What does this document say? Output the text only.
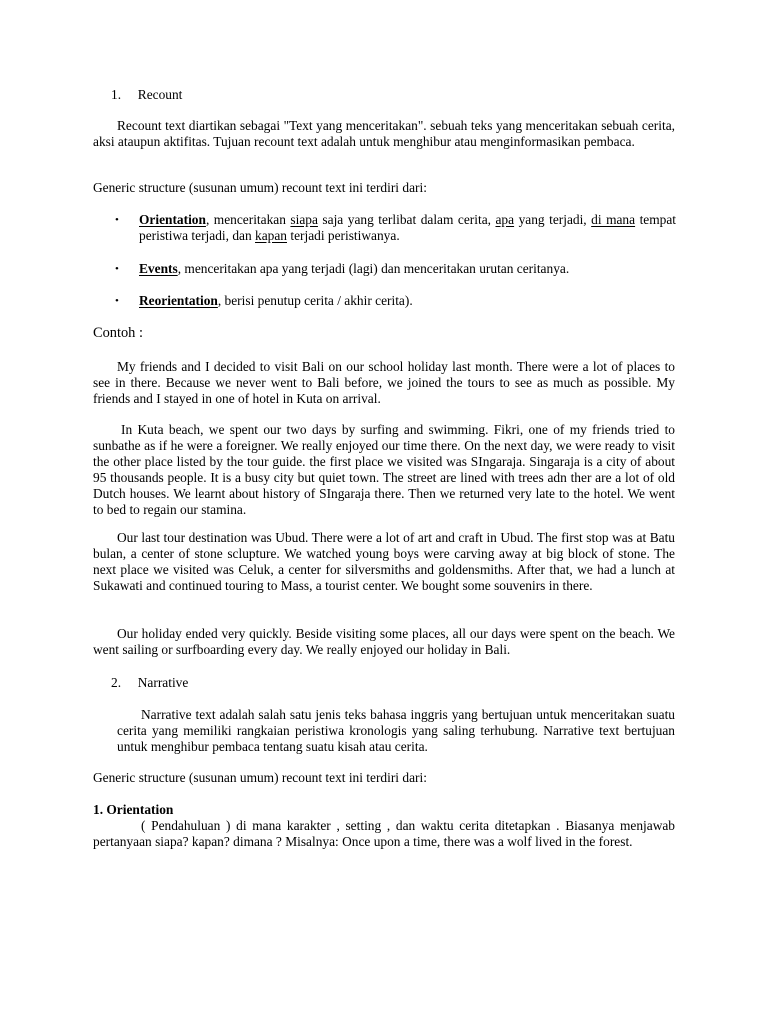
1. Recount
Recount text diartikan sebagai "Text yang menceritakan". sebuah teks yang menceritakan sebuah cerita, aksi ataupun aktifitas. Tujuan recount text adalah untuk menghibur atau menginformasikan pembaca.
Generic structure (susunan umum) recount text ini terdiri dari:
• Orientation, menceritakan siapa saja yang terlibat dalam cerita, apa yang terjadi, di mana tempat peristiwa terjadi, dan kapan terjadi peristiwanya.
• Events, menceritakan apa yang terjadi (lagi) dan menceritakan urutan ceritanya.
• Reorientation, berisi penutup cerita / akhir cerita).
Contoh :
My friends and I decided to visit Bali on our school holiday last month. There were a lot of places to see in there. Because we never went to Bali before, we joined the tours to see as much as possible. My friends and I stayed in one of hotel in Kuta on arrival.
In Kuta beach, we spent our two days by surfing and swimming. Fikri, one of my friends tried to sunbathe as if he were a foreigner. We really enjoyed our time there. On the next day, we were ready to visit the other place listed by the tour guide. the first place we visited was SIngaraja. Singaraja is a city of about 95 thousands people. It is a busy city but quiet town. The street are lined with trees adn ther are a lot of old Dutch houses. We learnt about history of SIngaraja there. Then we returned very late to the hotel. We went to bed to regain our stamina.
Our last tour destination was Ubud. There were a lot of art and craft in Ubud. The first stop was at Batu bulan, a center of stone sclupture. We watched young boys were carving away at big block of stone. The next place we visited was Celuk, a center for silversmiths and goldensmiths. After that, we had a lunch at Sukawati and continued touring to Mass, a tourist center. We bought some souvenirs in there.
Our holiday ended very quickly. Beside visiting some places, all our days were spent on the beach. We went sailing or surfboarding every day. We really enjoyed our holiday in Bali.
2. Narrative
Narrative text adalah salah satu jenis teks bahasa inggris yang bertujuan untuk menceritakan suatu cerita yang memiliki rangkaian peristiwa kronologis yang saling terhubung. Narrative text bertujuan untuk menghibur pembaca tentang suatu kisah atau cerita.
Generic structure (susunan umum) recount text ini terdiri dari:
1. Orientation
( Pendahuluan ) di mana karakter , setting , dan waktu cerita ditetapkan . Biasanya menjawab pertanyaan siapa? kapan? dimana ? Misalnya: Once upon a time, there was a wolf lived in the forest.
